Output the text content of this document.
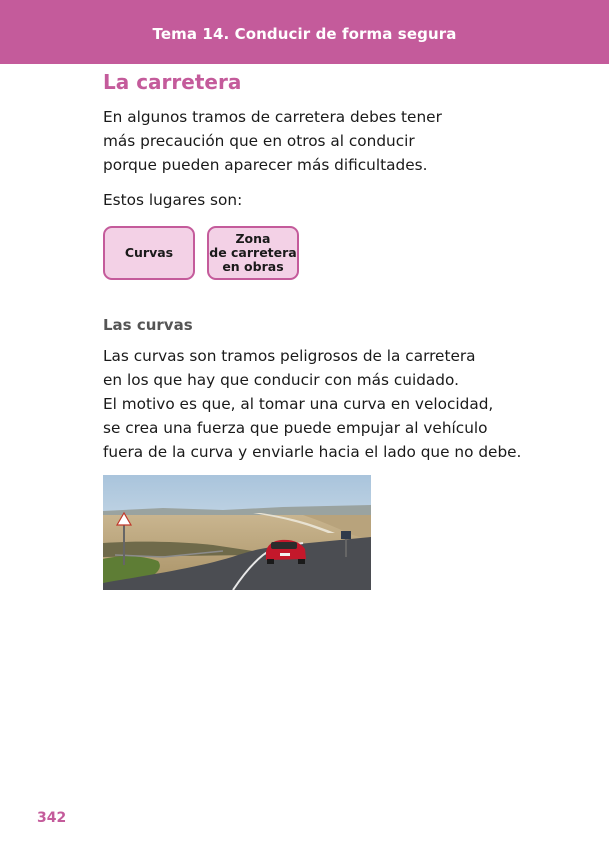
Tema 14. Conducir de forma segura
La carretera

En algunos tramos de carretera debes tener
más precaución que en otros al conducir
porque pueden aparecer más dificultades.

Estos lugares son:

Curvas
Zona
de carretera
en obras
Las curvas

Las curvas son tramos peligrosos de la carretera
en los que hay que conducir con más cuidado.
El motivo es que, al tomar una curva en velocidad,
se crea una fuerza que puede empujar al vehículo
fuera de la curva y enviarle hacia el lado que no debe.

342
